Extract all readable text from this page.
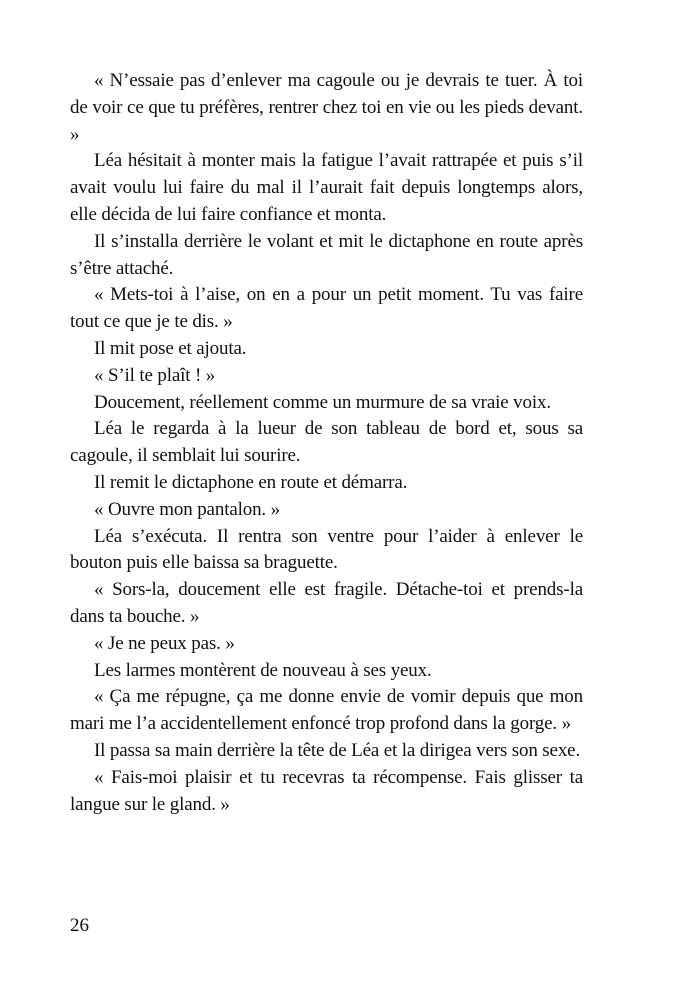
« N’essaie pas d’enlever ma cagoule ou je devrais te tuer. À toi de voir ce que tu préfères, rentrer chez toi en vie ou les pieds devant. »

Léa hésitait à monter mais la fatigue l’avait rattrapée et puis s’il avait voulu lui faire du mal il l’aurait fait depuis longtemps alors, elle décida de lui faire confiance et monta.

Il s’installa derrière le volant et mit le dictaphone en route après s’être attaché.

« Mets-toi à l’aise, on en a pour un petit moment. Tu vas faire tout ce que je te dis. »

Il mit pose et ajouta.

« S’il te plaît ! »

Doucement, réellement comme un murmure de sa vraie voix.

Léa le regarda à la lueur de son tableau de bord et, sous sa cagoule, il semblait lui sourire.

Il remit le dictaphone en route et démarra.

« Ouvre mon pantalon. »

Léa s’exécuta. Il rentra son ventre pour l’aider à enlever le bouton puis elle baissa sa braguette.

« Sors-la, doucement elle est fragile. Détache-toi et prends-la dans ta bouche. »

« Je ne peux pas. »

Les larmes montèrent de nouveau à ses yeux.

« Ça me répugne, ça me donne envie de vomir depuis que mon mari me l’a accidentellement enfoncé trop profond dans la gorge. »

Il passa sa main derrière la tête de Léa et la dirigea vers son sexe.

« Fais-moi plaisir et tu recevras ta récompense. Fais glisser ta langue sur le gland. »

26
